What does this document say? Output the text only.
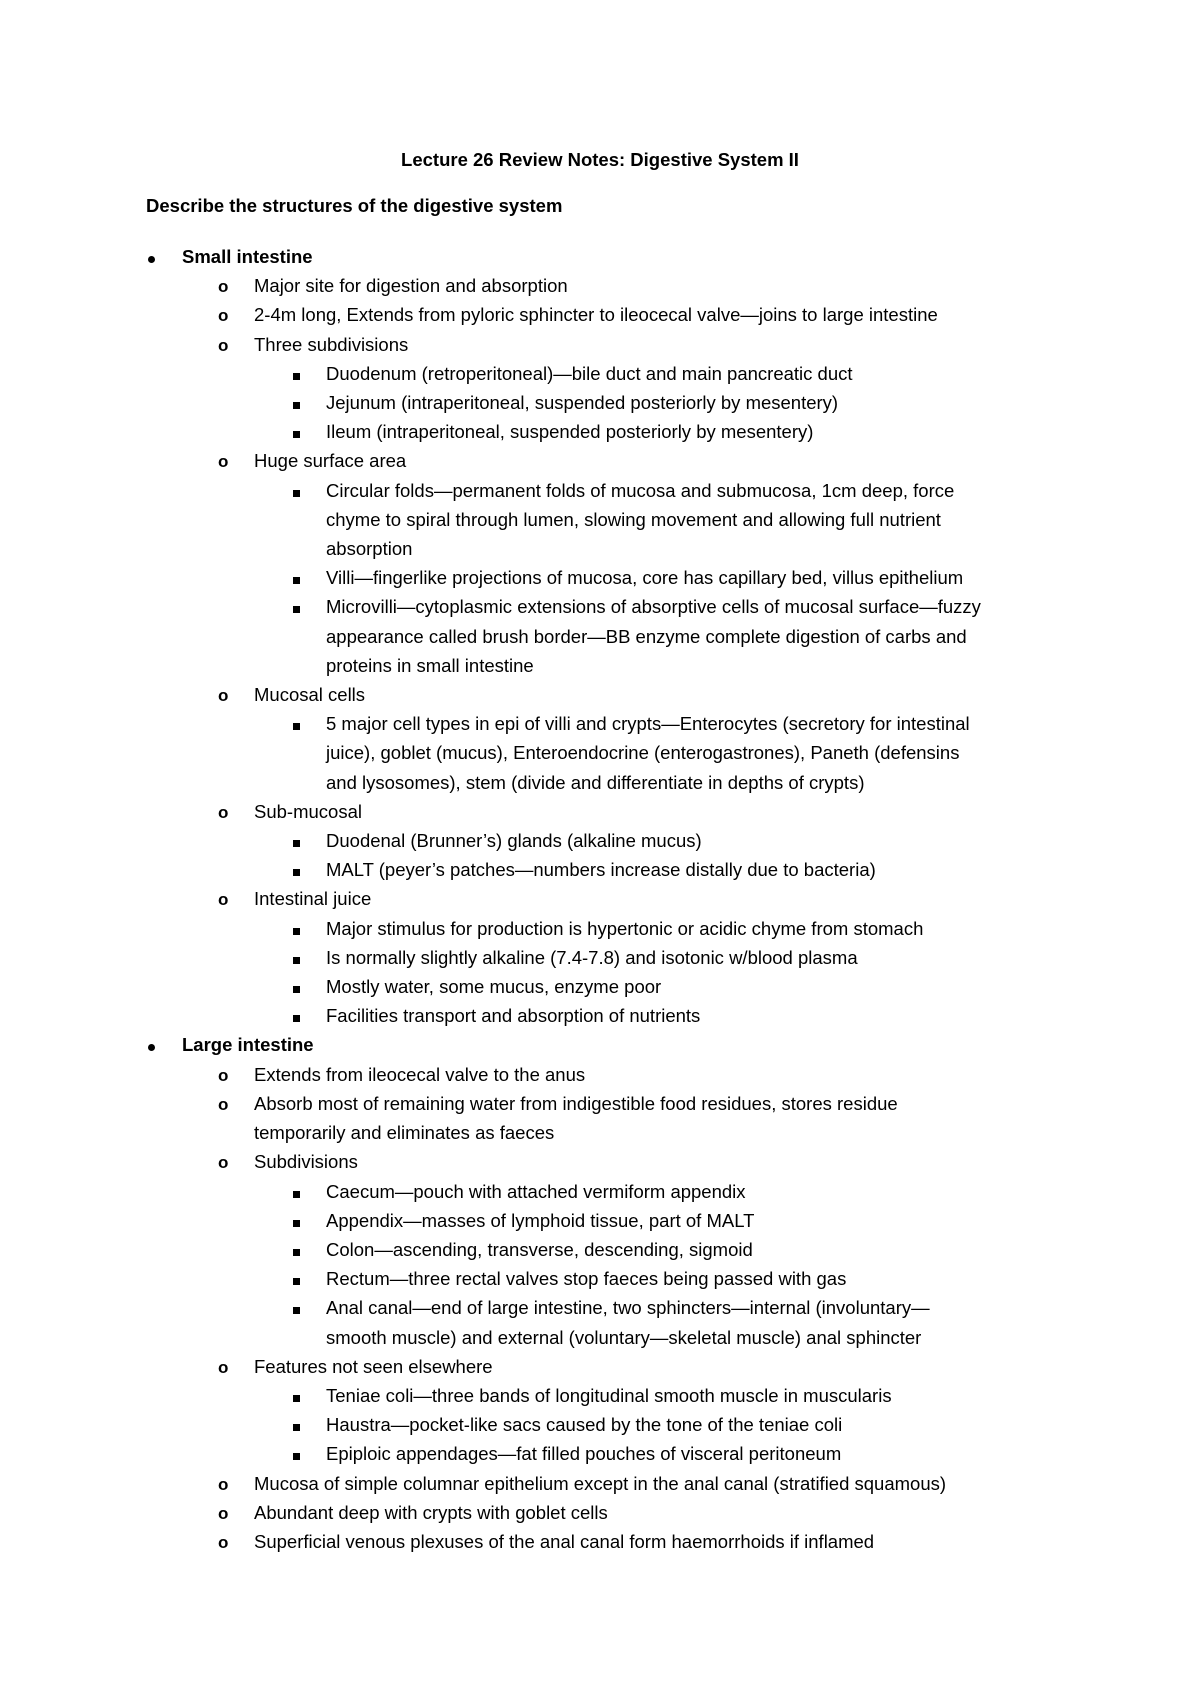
Lecture 26 Review Notes: Digestive System II
Describe the structures of the digestive system
Small intestine
o Major site for digestion and absorption
o 2-4m long, Extends from pyloric sphincter to ileocecal valve—joins to large intestine
o Three subdivisions
Duodenum (retroperitoneal)—bile duct and main pancreatic duct
Jejunum (intraperitoneal, suspended posteriorly by mesentery)
Ileum (intraperitoneal, suspended posteriorly by mesentery)
o Huge surface area
Circular folds—permanent folds of mucosa and submucosa, 1cm deep, force
chyme to spiral through lumen, slowing movement and allowing full nutrient
absorption
Villi—fingerlike projections of mucosa, core has capillary bed, villus epithelium
Microvilli—cytoplasmic extensions of absorptive cells of mucosal surface—fuzzy
appearance called brush border—BB enzyme complete digestion of carbs and
proteins in small intestine
o Mucosal cells
5 major cell types in epi of villi and crypts—Enterocytes (secretory for intestinal
juice), goblet (mucus), Enteroendocrine (enterogastrones), Paneth (defensins
and lysosomes), stem (divide and differentiate in depths of crypts)
o Sub-mucosal
Duodenal (Brunner’s) glands (alkaline mucus)
MALT (peyer’s patches—numbers increase distally due to bacteria)
o Intestinal juice
Major stimulus for production is hypertonic or acidic chyme from stomach
Is normally slightly alkaline (7.4-7.8) and isotonic w/blood plasma
Mostly water, some mucus, enzyme poor
Facilities transport and absorption of nutrients
Large intestine
o Extends from ileocecal valve to the anus
o Absorb most of remaining water from indigestible food residues, stores residue
temporarily and eliminates as faeces
o Subdivisions
Caecum—pouch with attached vermiform appendix
Appendix—masses of lymphoid tissue, part of MALT
Colon—ascending, transverse, descending, sigmoid
Rectum—three rectal valves stop faeces being passed with gas
Anal canal—end of large intestine, two sphincters—internal (involuntary—
smooth muscle) and external (voluntary—skeletal muscle) anal sphincter
o Features not seen elsewhere
Teniae coli—three bands of longitudinal smooth muscle in muscularis
Haustra—pocket-like sacs caused by the tone of the teniae coli
Epiploic appendages—fat filled pouches of visceral peritoneum
o Mucosa of simple columnar epithelium except in the anal canal (stratified squamous)
o Abundant deep with crypts with goblet cells
o Superficial venous plexuses of the anal canal form haemorrhoids if inflamed
